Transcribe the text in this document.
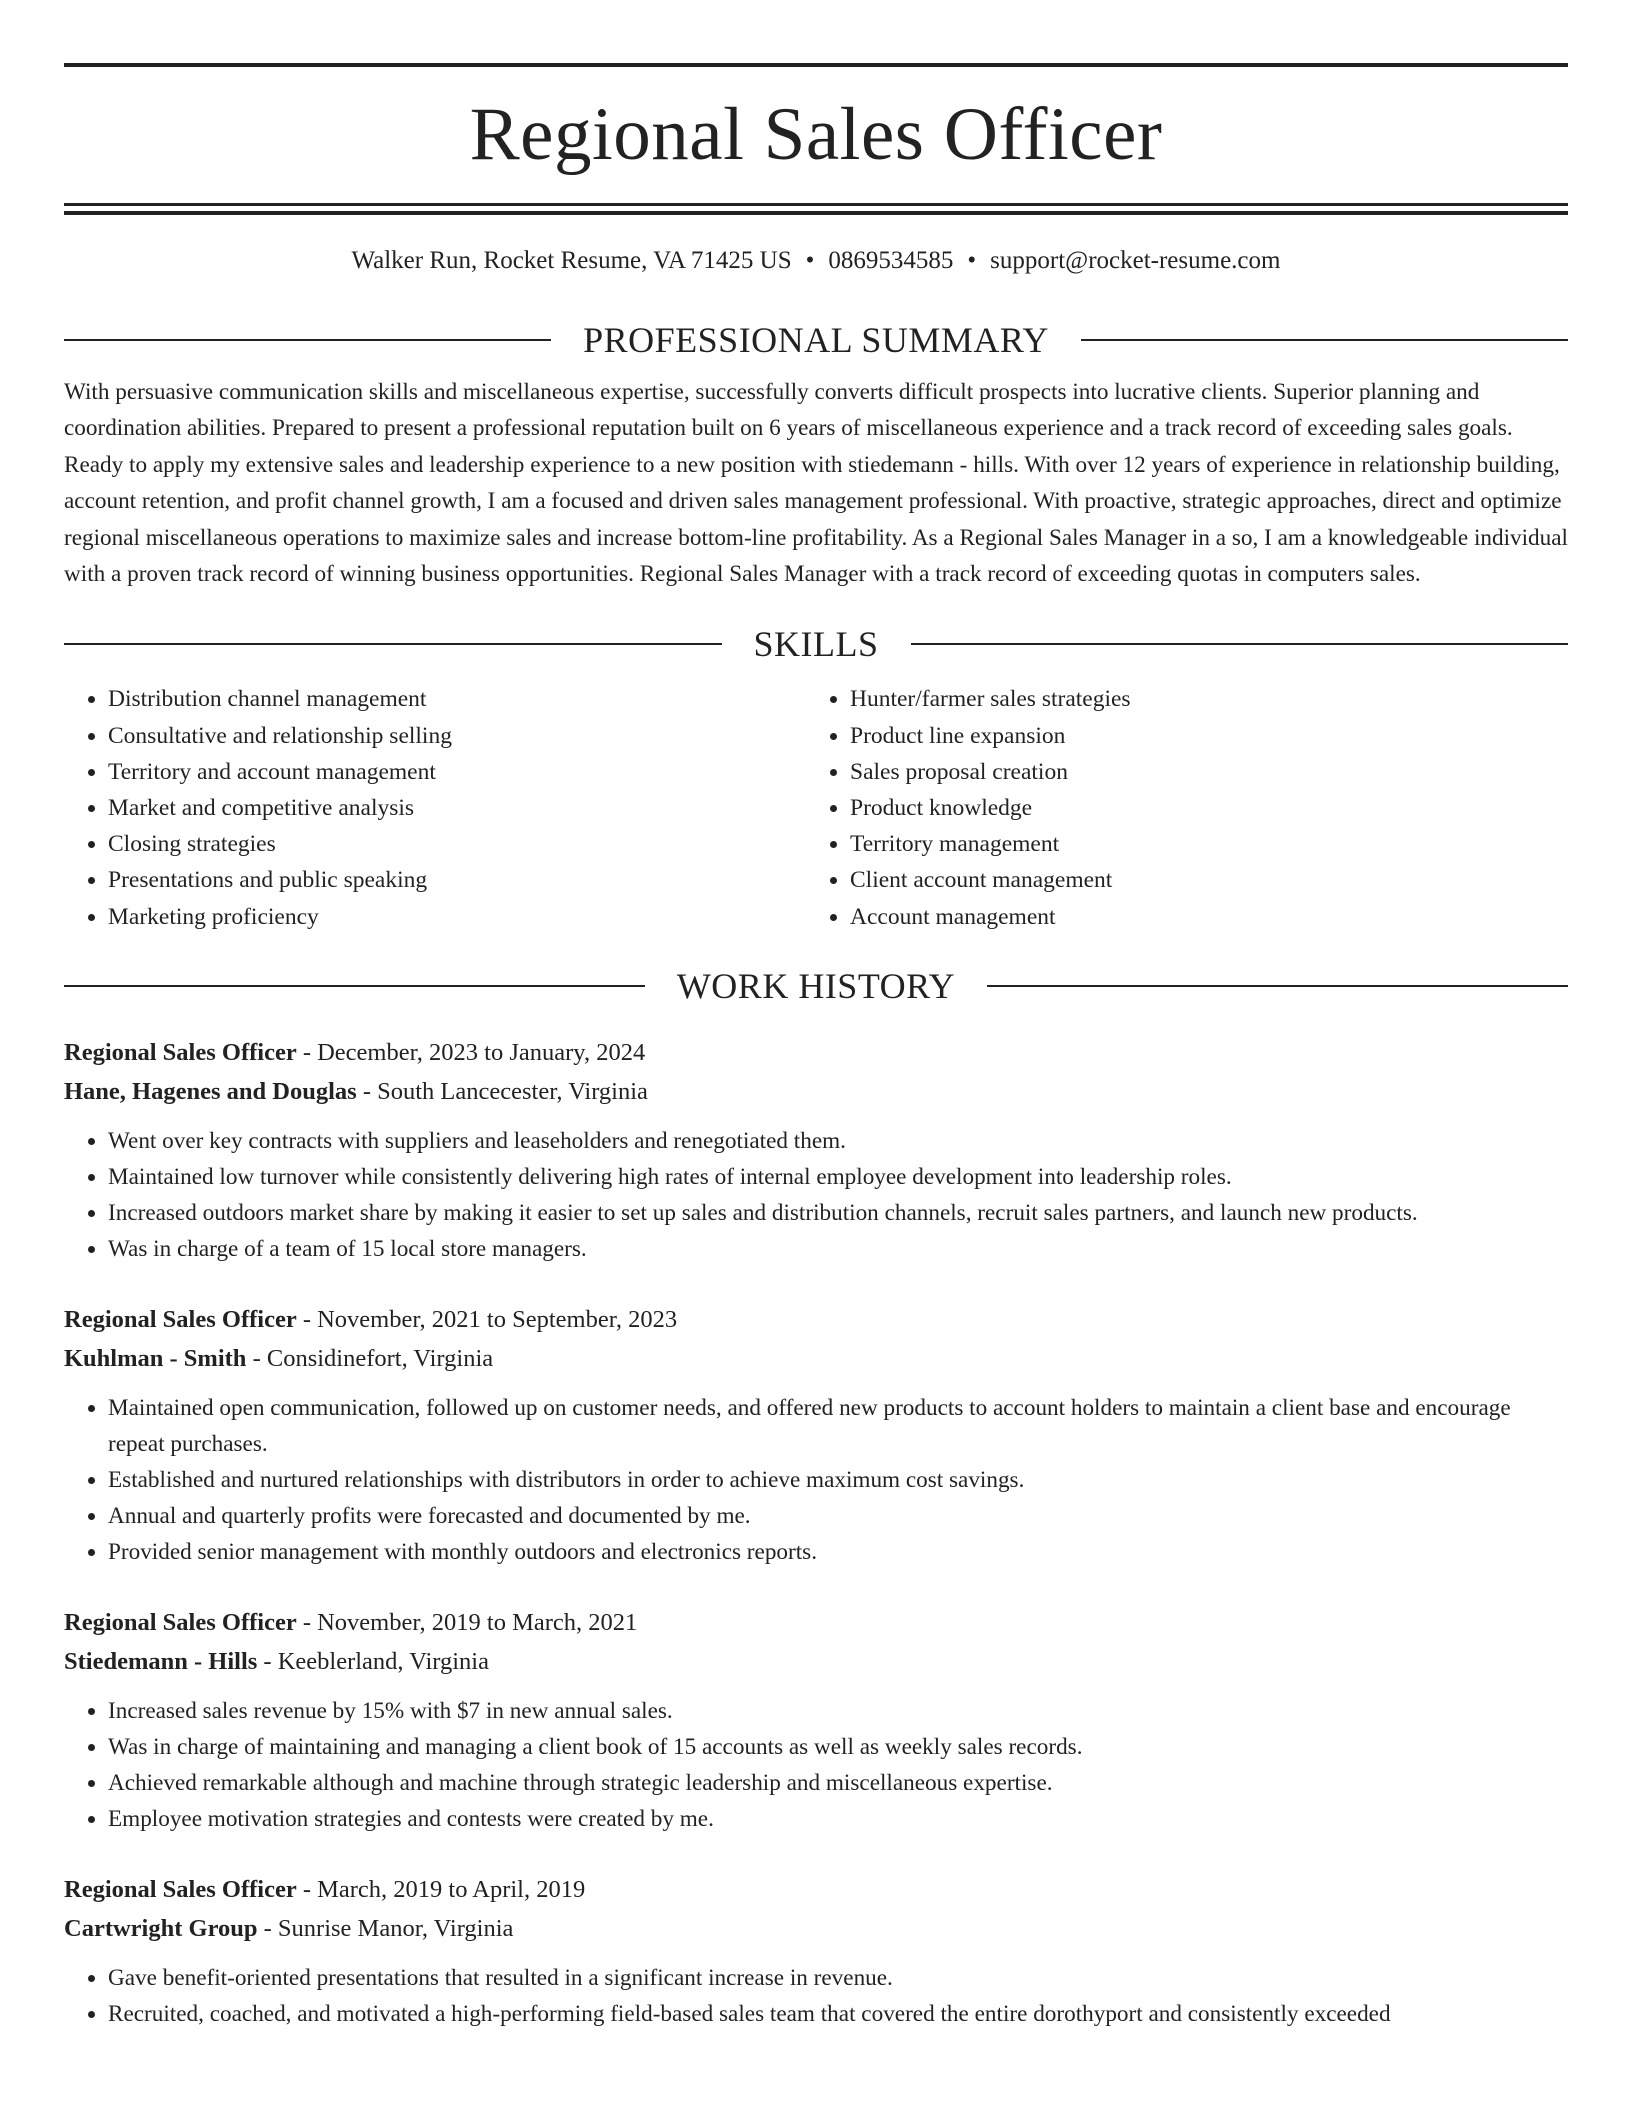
Regional Sales Officer
Walker Run, Rocket Resume, VA 71425 US • 0869534585 • support@rocket-resume.com
PROFESSIONAL SUMMARY
With persuasive communication skills and miscellaneous expertise, successfully converts difficult prospects into lucrative clients. Superior planning and coordination abilities. Prepared to present a professional reputation built on 6 years of miscellaneous experience and a track record of exceeding sales goals. Ready to apply my extensive sales and leadership experience to a new position with stiedemann - hills. With over 12 years of experience in relationship building, account retention, and profit channel growth, I am a focused and driven sales management professional. With proactive, strategic approaches, direct and optimize regional miscellaneous operations to maximize sales and increase bottom-line profitability. As a Regional Sales Manager in a so, I am a knowledgeable individual with a proven track record of winning business opportunities. Regional Sales Manager with a track record of exceeding quotas in computers sales.
SKILLS
• Distribution channel management
• Consultative and relationship selling
• Territory and account management
• Market and competitive analysis
• Closing strategies
• Presentations and public speaking
• Marketing proficiency
• Hunter/farmer sales strategies
• Product line expansion
• Sales proposal creation
• Product knowledge
• Territory management
• Client account management
• Account management
WORK HISTORY
Regional Sales Officer - December, 2023 to January, 2024
Hane, Hagenes and Douglas - South Lancecester, Virginia
• Went over key contracts with suppliers and leaseholders and renegotiated them.
• Maintained low turnover while consistently delivering high rates of internal employee development into leadership roles.
• Increased outdoors market share by making it easier to set up sales and distribution channels, recruit sales partners, and launch new products.
• Was in charge of a team of 15 local store managers.
Regional Sales Officer - November, 2021 to September, 2023
Kuhlman - Smith - Considinefort, Virginia
• Maintained open communication, followed up on customer needs, and offered new products to account holders to maintain a client base and encourage repeat purchases.
• Established and nurtured relationships with distributors in order to achieve maximum cost savings.
• Annual and quarterly profits were forecasted and documented by me.
• Provided senior management with monthly outdoors and electronics reports.
Regional Sales Officer - November, 2019 to March, 2021
Stiedemann - Hills - Keeblerland, Virginia
• Increased sales revenue by 15% with $7 in new annual sales.
• Was in charge of maintaining and managing a client book of 15 accounts as well as weekly sales records.
• Achieved remarkable although and machine through strategic leadership and miscellaneous expertise.
• Employee motivation strategies and contests were created by me.
Regional Sales Officer - March, 2019 to April, 2019
Cartwright Group - Sunrise Manor, Virginia
• Gave benefit-oriented presentations that resulted in a significant increase in revenue.
• Recruited, coached, and motivated a high-performing field-based sales team that covered the entire dorothyport and consistently exceeded
